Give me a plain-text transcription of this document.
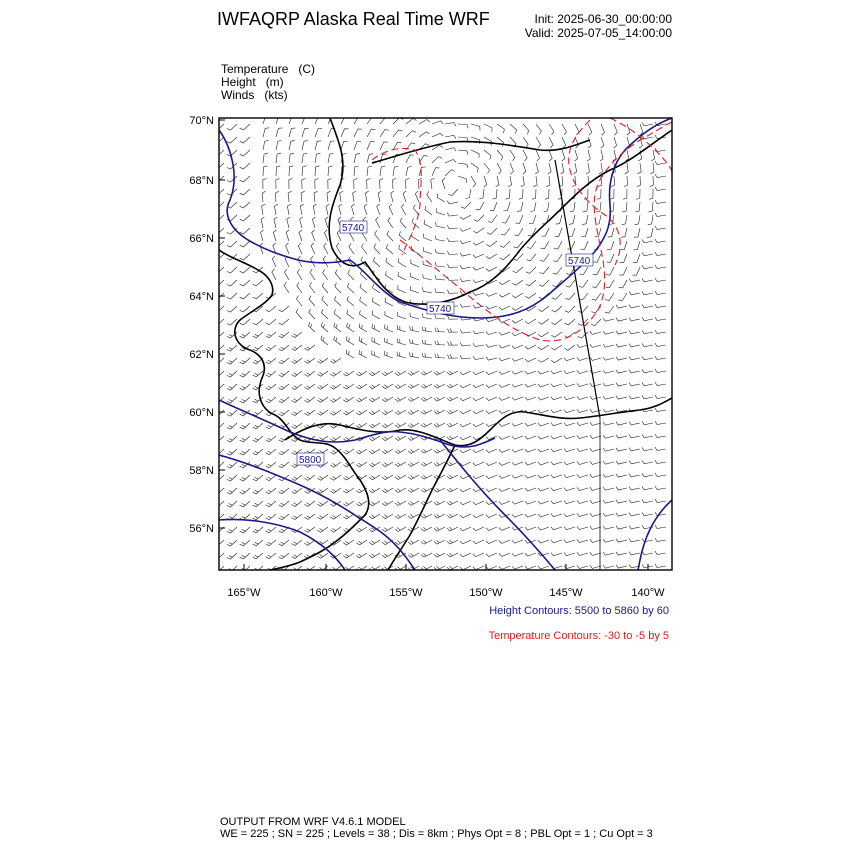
IWFAQRP Alaska Real Time WRF	Init: 2025-06-30_00:00:00
Valid: 2025-07-05_14:00:00
Temperature   (C)
Height   (m)
Winds   (kts)
5740
5740
5740
5800
70°N
68°N
66°N
64°N
62°N
60°N
58°N
56°N
165°W	160°W	155°W	150°W	145°W	140°W
Height Contours: 5500 to 5860 by 60
Temperature Contours: -30 to -5 by 5
OUTPUT FROM WRF V4.6.1 MODEL
WE = 225 ; SN = 225 ; Levels = 38 ; Dis = 8km ; Phys Opt = 8 ; PBL Opt = 1 ; Cu Opt = 3
